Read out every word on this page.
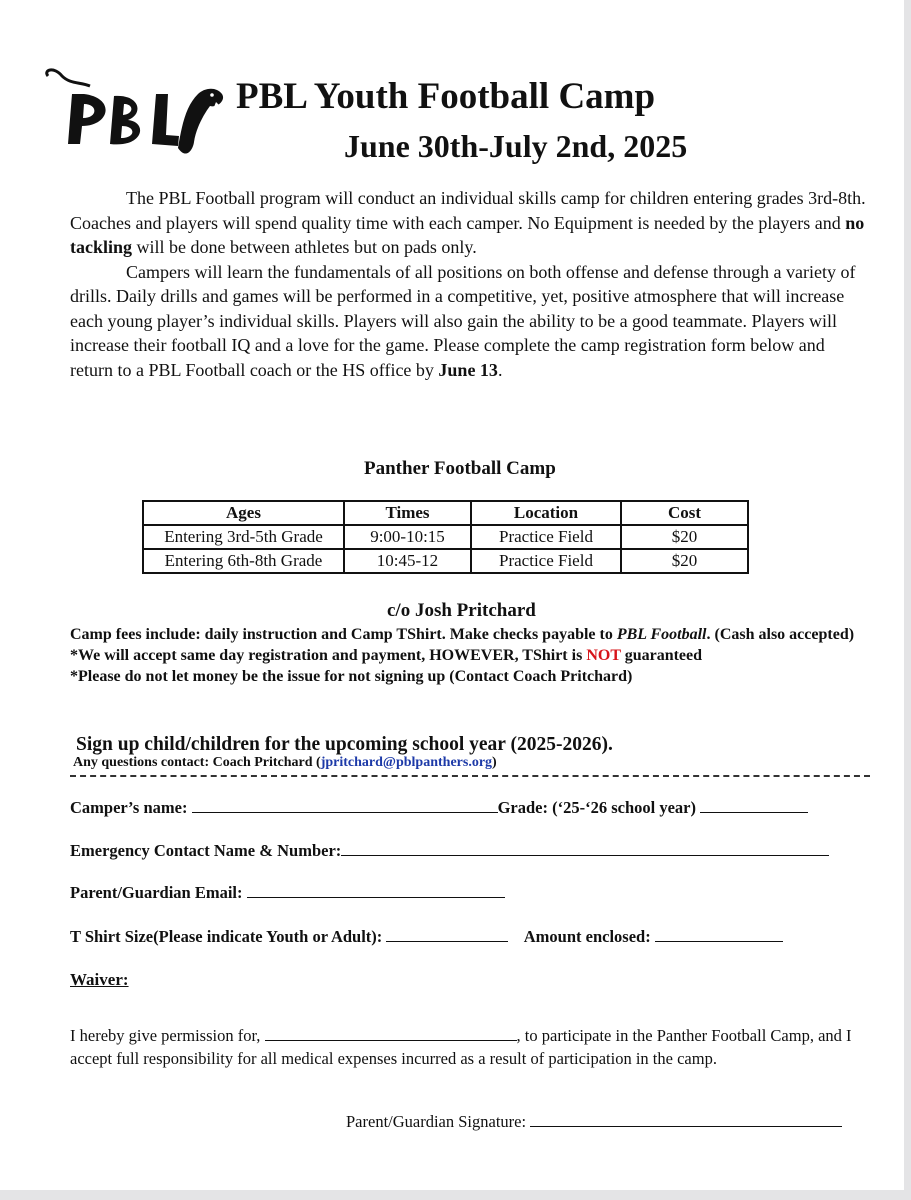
PBL Youth Football Camp
June 30th-July 2nd, 2025

The PBL Football program will conduct an individual skills camp for children entering grades 3rd-8th. Coaches and players will spend quality time with each camper. No Equipment is needed by the players and no tackling will be done between athletes but on pads only.

Campers will learn the fundamentals of all positions on both offense and defense through a variety of drills. Daily drills and games will be performed in a competitive, yet, positive atmosphere that will increase each young player’s individual skills. Players will also gain the ability to be a good teammate. Players will increase their football IQ and a love for the game. Please complete the camp registration form below and return to a PBL Football coach or the HS office by June 13.

Panther Football Camp
Ages	Times	Location	Cost
Entering 3rd-5th Grade	9:00-10:15	Practice Field	$20
Entering 6th-8th Grade	10:45-12	Practice Field	$20
c/o Josh Pritchard
Camp fees include: daily instruction and Camp TShirt. Make checks payable to PBL Football. (Cash also accepted)
*We will accept same day registration and payment, HOWEVER, TShirt is NOT guaranteed
*Please do not let money be the issue for not signing up (Contact Coach Pritchard)
Sign up child/children for the upcoming school year (2025-2026).
Any questions contact: Coach Pritchard (jpritchard@pblpanthers.org)
Camper’s name:	Grade: (‘25-‘26 school year)
Emergency Contact Name & Number:
Parent/Guardian Email:
T Shirt Size(Please indicate Youth or Adult):	Amount enclosed:
Waiver:
I hereby give permission for,	, to participate in the Panther Football Camp, and I accept full responsibility for all medical expenses incurred as a result of participation in the camp.
Parent/Guardian Signature:
